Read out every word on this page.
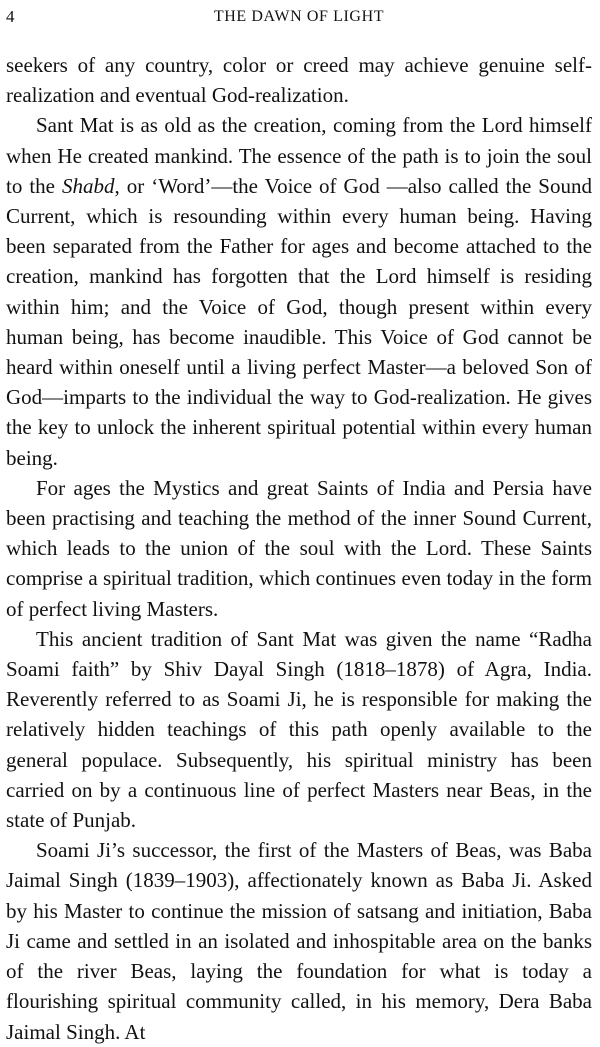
4	THE DAWN OF LIGHT

seekers of any country, color or creed may achieve genuine self-realization and eventual God-realization.

Sant Mat is as old as the creation, coming from the Lord himself when He created mankind. The essence of the path is to join the soul to the Shabd, or ‘Word’—the Voice of God —also called the Sound Current, which is resounding within every human being. Having been separated from the Father for ages and become attached to the creation, mankind has forgotten that the Lord himself is residing within him; and the Voice of God, though present within every human being, has become inaudible. This Voice of God cannot be heard within oneself until a living perfect Master—a beloved Son of God—imparts to the individual the way to God-realization. He gives the key to unlock the inherent spiritual potential within every human being.

For ages the Mystics and great Saints of India and Persia have been practising and teaching the method of the inner Sound Current, which leads to the union of the soul with the Lord. These Saints comprise a spiritual tradition, which continues even today in the form of perfect living Masters.

This ancient tradition of Sant Mat was given the name “Radha Soami faith” by Shiv Dayal Singh (1818–1878) of Agra, India. Reverently referred to as Soami Ji, he is responsible for making the relatively hidden teachings of this path openly available to the general populace. Subsequently, his spiritual ministry has been carried on by a continuous line of perfect Masters near Beas, in the state of Punjab.

Soami Ji’s successor, the first of the Masters of Beas, was Baba Jaimal Singh (1839–1903), affectionately known as Baba Ji. Asked by his Master to continue the mission of satsang and initiation, Baba Ji came and settled in an isolated and inhospitable area on the banks of the river Beas, laying the foundation for what is today a flourishing spiritual community called, in his memory, Dera Baba Jaimal Singh. At
